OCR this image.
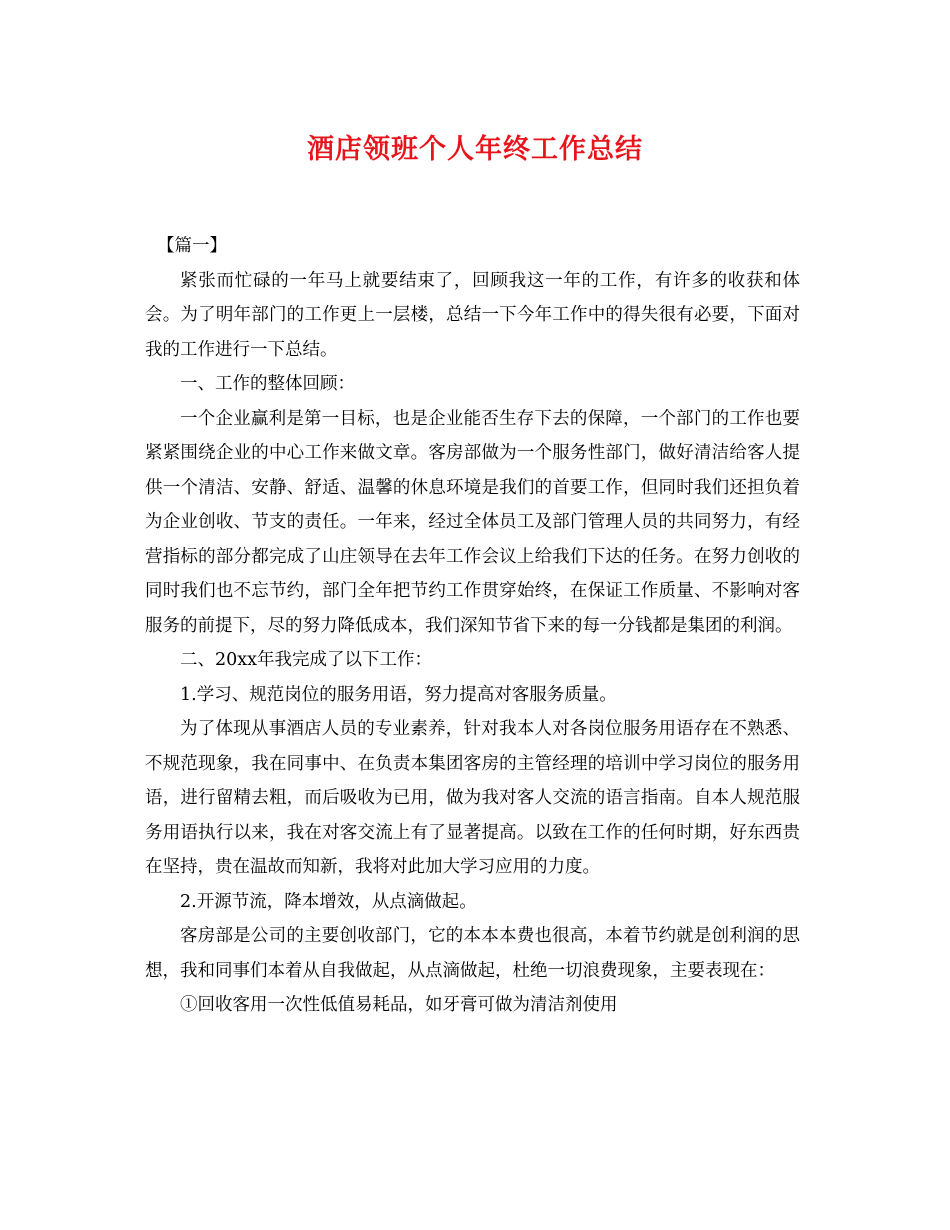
酒店领班个人年终工作总结

【篇一】

紧张而忙碌的一年马上就要结束了，回顾我这一年的工作，有许多的收获和体会。为了明年部门的工作更上一层楼，总结一下今年工作中的得失很有必要，下面对我的工作进行一下总结。

一、工作的整体回顾：

一个企业赢利是第一目标，也是企业能否生存下去的保障，一个部门的工作也要紧紧围绕企业的中心工作来做文章。客房部做为一个服务性部门，做好清洁给客人提供一个清洁、安静、舒适、温馨的休息环境是我们的首要工作，但同时我们还担负着为企业创收、节支的责任。一年来，经过全体员工及部门管理人员的共同努力，有经营指标的部分都完成了山庄领导在去年工作会议上给我们下达的任务。在努力创收的同时我们也不忘节约，部门全年把节约工作贯穿始终，在保证工作质量、不影响对客服务的前提下，尽的努力降低成本，我们深知节省下来的每一分钱都是集团的利润。

二、20xx年我完成了以下工作：

1.学习、规范岗位的服务用语，努力提高对客服务质量。

为了体现从事酒店人员的专业素养，针对我本人对各岗位服务用语存在不熟悉、不规范现象，我在同事中、在负责本集团客房的主管经理的培训中学习岗位的服务用语，进行留精去粗，而后吸收为已用，做为我对客人交流的语言指南。自本人规范服务用语执行以来，我在对客交流上有了显著提高。以致在工作的任何时期，好东西贵在坚持，贵在温故而知新，我将对此加大学习应用的力度。

2.开源节流，降本增效，从点滴做起。

客房部是公司的主要创收部门，它的本本本费也很高，本着节约就是创利润的思想，我和同事们本着从自我做起，从点滴做起，杜绝一切浪费现象，主要表现在：

①回收客用一次性低值易耗品，如牙膏可做为清洁剂使用
